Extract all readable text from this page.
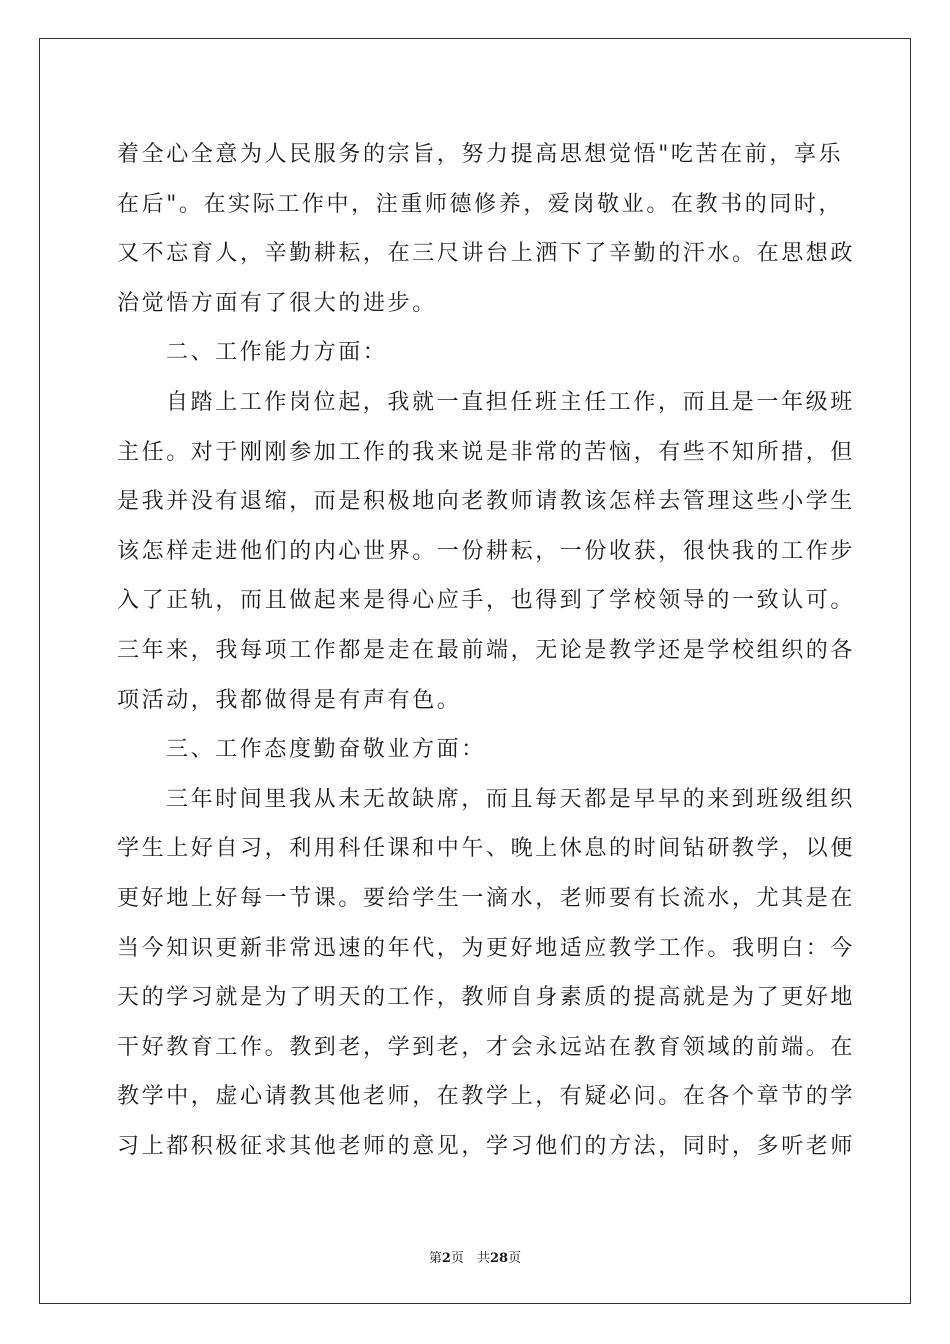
着全心全意为人民服务的宗旨，努力提高思想觉悟"吃苦在前，享乐
在后"。在实际工作中，注重师德修养，爱岗敬业。在教书的同时，
又不忘育人，辛勤耕耘，在三尺讲台上洒下了辛勤的汗水。在思想政
治觉悟方面有了很大的进步。
二、工作能力方面：
自踏上工作岗位起，我就一直担任班主任工作，而且是一年级班
主任。对于刚刚参加工作的我来说是非常的苦恼，有些不知所措，但
是我并没有退缩，而是积极地向老教师请教该怎样去管理这些小学生
该怎样走进他们的内心世界。一份耕耘，一份收获，很快我的工作步
入了正轨，而且做起来是得心应手，也得到了学校领导的一致认可。
三年来，我每项工作都是走在最前端，无论是教学还是学校组织的各
项活动，我都做得是有声有色。
三、工作态度勤奋敬业方面：
三年时间里我从未无故缺席，而且每天都是早早的来到班级组织
学生上好自习，利用科任课和中午、晚上休息的时间钻研教学，以便
更好地上好每一节课。要给学生一滴水，老师要有长流水，尤其是在
当今知识更新非常迅速的年代，为更好地适应教学工作。我明白：今
天的学习就是为了明天的工作，教师自身素质的提高就是为了更好地
干好教育工作。教到老，学到老，才会永远站在教育领域的前端。在
教学中，虚心请教其他老师，在教学上，有疑必问。在各个章节的学
习上都积极征求其他老师的意见，学习他们的方法，同时，多听老师
第2页　共28页
